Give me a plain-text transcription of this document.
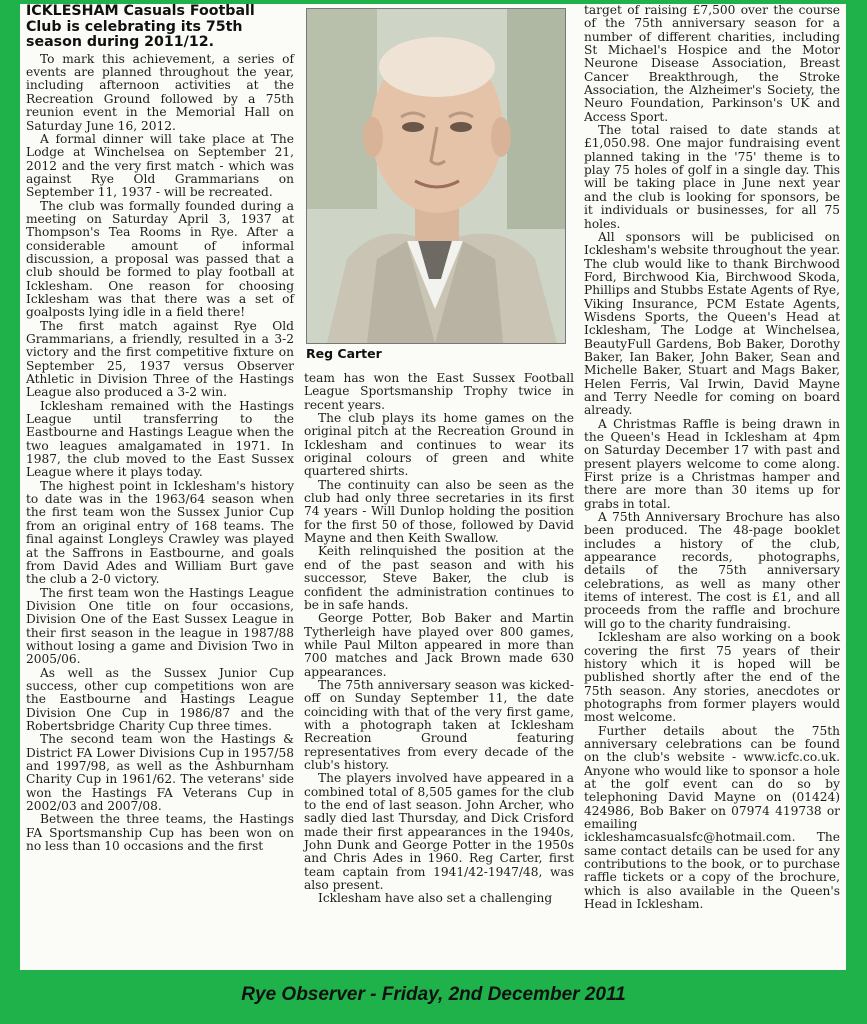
ICKLESHAM Casuals Football Club is celebrating its 75th season during 2011/12.

To mark this achievement, a series of events are planned throughout the year, including afternoon activities at the Recreation Ground followed by a 75th reunion event in the Memorial Hall on Saturday June 16, 2012.

A formal dinner will take place at The Lodge at Winchelsea on September 21, 2012 and the very first match - which was against Rye Old Grammarians on September 11, 1937 - will be recreated.

The club was formally founded during a meeting on Saturday April 3, 1937 at Thompson's Tea Rooms in Rye. After a considerable amount of informal discussion, a proposal was passed that a club should be formed to play football at Icklesham. One reason for choosing Icklesham was that there was a set of goalposts lying idle in a field there!

The first match against Rye Old Grammarians, a friendly, resulted in a 3-2 victory and the first competitive fixture on September 25, 1937 versus Observer Athletic in Division Three of the Hastings League also produced a 3-2 win.

Icklesham remained with the Hastings League until transferring to the Eastbourne and Hastings League when the two leagues amalgamated in 1971. In 1987, the club moved to the East Sussex League where it plays today.

The highest point in Icklesham's history to date was in the 1963/64 season when the first team won the Sussex Junior Cup from an original entry of 168 teams. The final against Longleys Crawley was played at the Saffrons in Eastbourne, and goals from David Ades and William Burt gave the club a 2-0 victory.

The first team won the Hastings League Division One title on four occasions, Division One of the East Sussex League in their first season in the league in 1987/88 without losing a game and Division Two in 2005/06.

As well as the Sussex Junior Cup success, other cup competitions won are the Eastbourne and Hastings League Division One Cup in 1986/87 and the Robertsbridge Charity Cup three times.

The second team won the Hastings & District FA Lower Divisions Cup in 1957/58 and 1997/98, as well as the Ashburnham Charity Cup in 1961/62. The veterans' side won the Hastings FA Veterans Cup in 2002/03 and 2007/08.

Between the three teams, the Hastings FA Sportsmanship Cup has been won on no less than 10 occasions and the first

Reg Carter

team has won the East Sussex Football League Sportsmanship Trophy twice in recent years.

The club plays its home games on the original pitch at the Recreation Ground in Icklesham and continues to wear its original colours of green and white quartered shirts.

The continuity can also be seen as the club had only three secretaries in its first 74 years - Will Dunlop holding the position for the first 50 of those, followed by David Mayne and then Keith Swallow.

Keith relinquished the position at the end of the past season and with his successor, Steve Baker, the club is confident the administration continues to be in safe hands.

George Potter, Bob Baker and Martin Tytherleigh have played over 800 games, while Paul Milton appeared in more than 700 matches and Jack Brown made 630 appearances.

The 75th anniversary season was kicked-off on Sunday September 11, the date coinciding with that of the very first game, with a photograph taken at Icklesham Recreation Ground featuring representatives from every decade of the club's history.

The players involved have appeared in a combined total of 8,505 games for the club to the end of last season. John Archer, who sadly died last Thursday, and Dick Crisford made their first appearances in the 1940s, John Dunk and George Potter in the 1950s and Chris Ades in 1960. Reg Carter, first team captain from 1941/42-1947/48, was also present.

Icklesham have also set a challenging

target of raising £7,500 over the course of the 75th anniversary season for a number of different charities, including St Michael's Hospice and the Motor Neurone Disease Association, Breast Cancer Breakthrough, the Stroke Association, the Alzheimer's Society, the Neuro Foundation, Parkinson's UK and Access Sport.

The total raised to date stands at £1,050.98. One major fundraising event planned taking in the '75' theme is to play 75 holes of golf in a single day. This will be taking place in June next year and the club is looking for sponsors, be it individuals or businesses, for all 75 holes.

All sponsors will be publicised on Icklesham's website throughout the year. The club would like to thank Birchwood Ford, Birchwood Kia, Birchwood Skoda, Phillips and Stubbs Estate Agents of Rye, Viking Insurance, PCM Estate Agents, Wisdens Sports, the Queen's Head at Icklesham, The Lodge at Winchelsea, BeautyFull Gardens, Bob Baker, Dorothy Baker, Ian Baker, John Baker, Sean and Michelle Baker, Stuart and Mags Baker, Helen Ferris, Val Irwin, David Mayne and Terry Needle for coming on board already.

A Christmas Raffle is being drawn in the Queen's Head in Icklesham at 4pm on Saturday December 17 with past and present players welcome to come along. First prize is a Christmas hamper and there are more than 30 items up for grabs in total.

A 75th Anniversary Brochure has also been produced. The 48-page booklet includes a history of the club, appearance records, photographs, details of the 75th anniversary celebrations, as well as many other items of interest. The cost is £1, and all proceeds from the raffle and brochure will go to the charity fundraising.

Icklesham are also working on a book covering the first 75 years of their history which it is hoped will be published shortly after the end of the 75th season. Any stories, anecdotes or photographs from former players would most welcome.

Further details about the 75th anniversary celebrations can be found on the club's website - www.icfc.co.uk. Anyone who would like to sponsor a hole at the golf event can do so by telephoning David Mayne on (01424) 424986, Bob Baker on 07974 419738 or emailing ickleshamcasualsfc@hotmail.com. The same contact details can be used for any contributions to the book, or to purchase raffle tickets or a copy of the brochure, which is also available in the Queen's Head in Icklesham.

Rye Observer - Friday, 2nd December 2011
